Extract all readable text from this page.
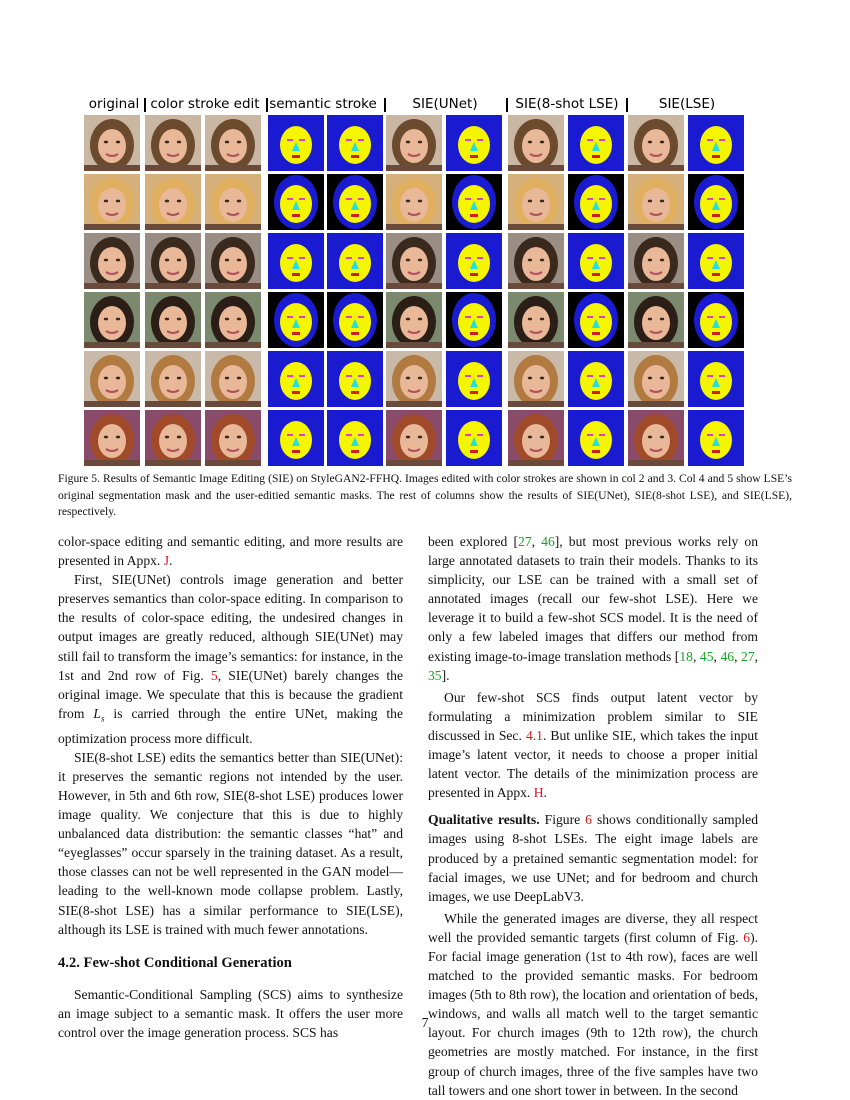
original color stroke edit semantic stroke	SIE(UNet)	SIE(8-shot LSE)	SIE(LSE)
Figure 5. Results of Semantic Image Editing (SIE) on StyleGAN2-FFHQ. Images edited with color strokes are shown in col 2 and 3. Col 4 and 5 show LSE’s original segmentation mask and the user-editied semantic masks. The rest of columns show the results of SIE(UNet), SIE(8-shot LSE), and SIE(LSE), respectively.

color-space editing and semantic editing, and more results are presented in Appx. J.

First, SIE(UNet) controls image generation and better preserves semantics than color-space editing. In comparison to the results of color-space editing, the undesired changes in output images are greatly reduced, although SIE(UNet) may still fail to transform the image’s semantics: for instance, in the 1st and 2nd row of Fig. 5, SIE(UNet) barely changes the original image. We speculate that this is because the gradient from $L_s$ is carried through the entire UNet, making the optimization process more difficult.

SIE(8-shot LSE) edits the semantics better than SIE(UNet): it preserves the semantic regions not intended by the user. However, in 5th and 6th row, SIE(8-shot LSE) produces lower image quality. We conjecture that this is due to highly unbalanced data distribution: the semantic classes “hat” and “eyeglasses” occur sparsely in the training dataset. As a result, those classes can not be well represented in the GAN model—leading to the well-known mode collapse problem. Lastly, SIE(8-shot LSE) has a similar performance to SIE(LSE), although its LSE is trained with much fewer annotations.

4.2. Few-shot Conditional Generation

Semantic-Conditional Sampling (SCS) aims to synthesize an image subject to a semantic mask. It offers the user more control over the image generation process. SCS has

been explored [27, 46], but most previous works rely on large annotated datasets to train their models. Thanks to its simplicity, our LSE can be trained with a small set of annotated images (recall our few-shot LSE). Here we leverage it to build a few-shot SCS model. It is the need of only a few labeled images that differs our method from existing image-to-image translation methods [18, 45, 46, 27, 35].

Our few-shot SCS finds output latent vector by formulating a minimization problem similar to SIE discussed in Sec. 4.1. But unlike SIE, which takes the input image’s latent vector, it needs to choose a proper initial latent vector. The details of the minimization process are presented in Appx. H.

Qualitative results. Figure 6 shows conditionally sampled images using 8-shot LSEs. The eight image labels are produced by a pretained semantic segmentation model: for facial images, we use UNet; and for bedroom and church images, we use DeepLabV3.

While the generated images are diverse, they all respect well the provided semantic targets (first column of Fig. 6). For facial image generation (1st to 4th row), faces are well matched to the provided semantic masks. For bedroom images (5th to 8th row), the location and orientation of beds, windows, and walls all match well to the target semantic layout. For church images (9th to 12th row), the church geometries are mostly matched. For instance, in the first group of church images, three of the five samples have two tall towers and one short tower in between. In the second

7
